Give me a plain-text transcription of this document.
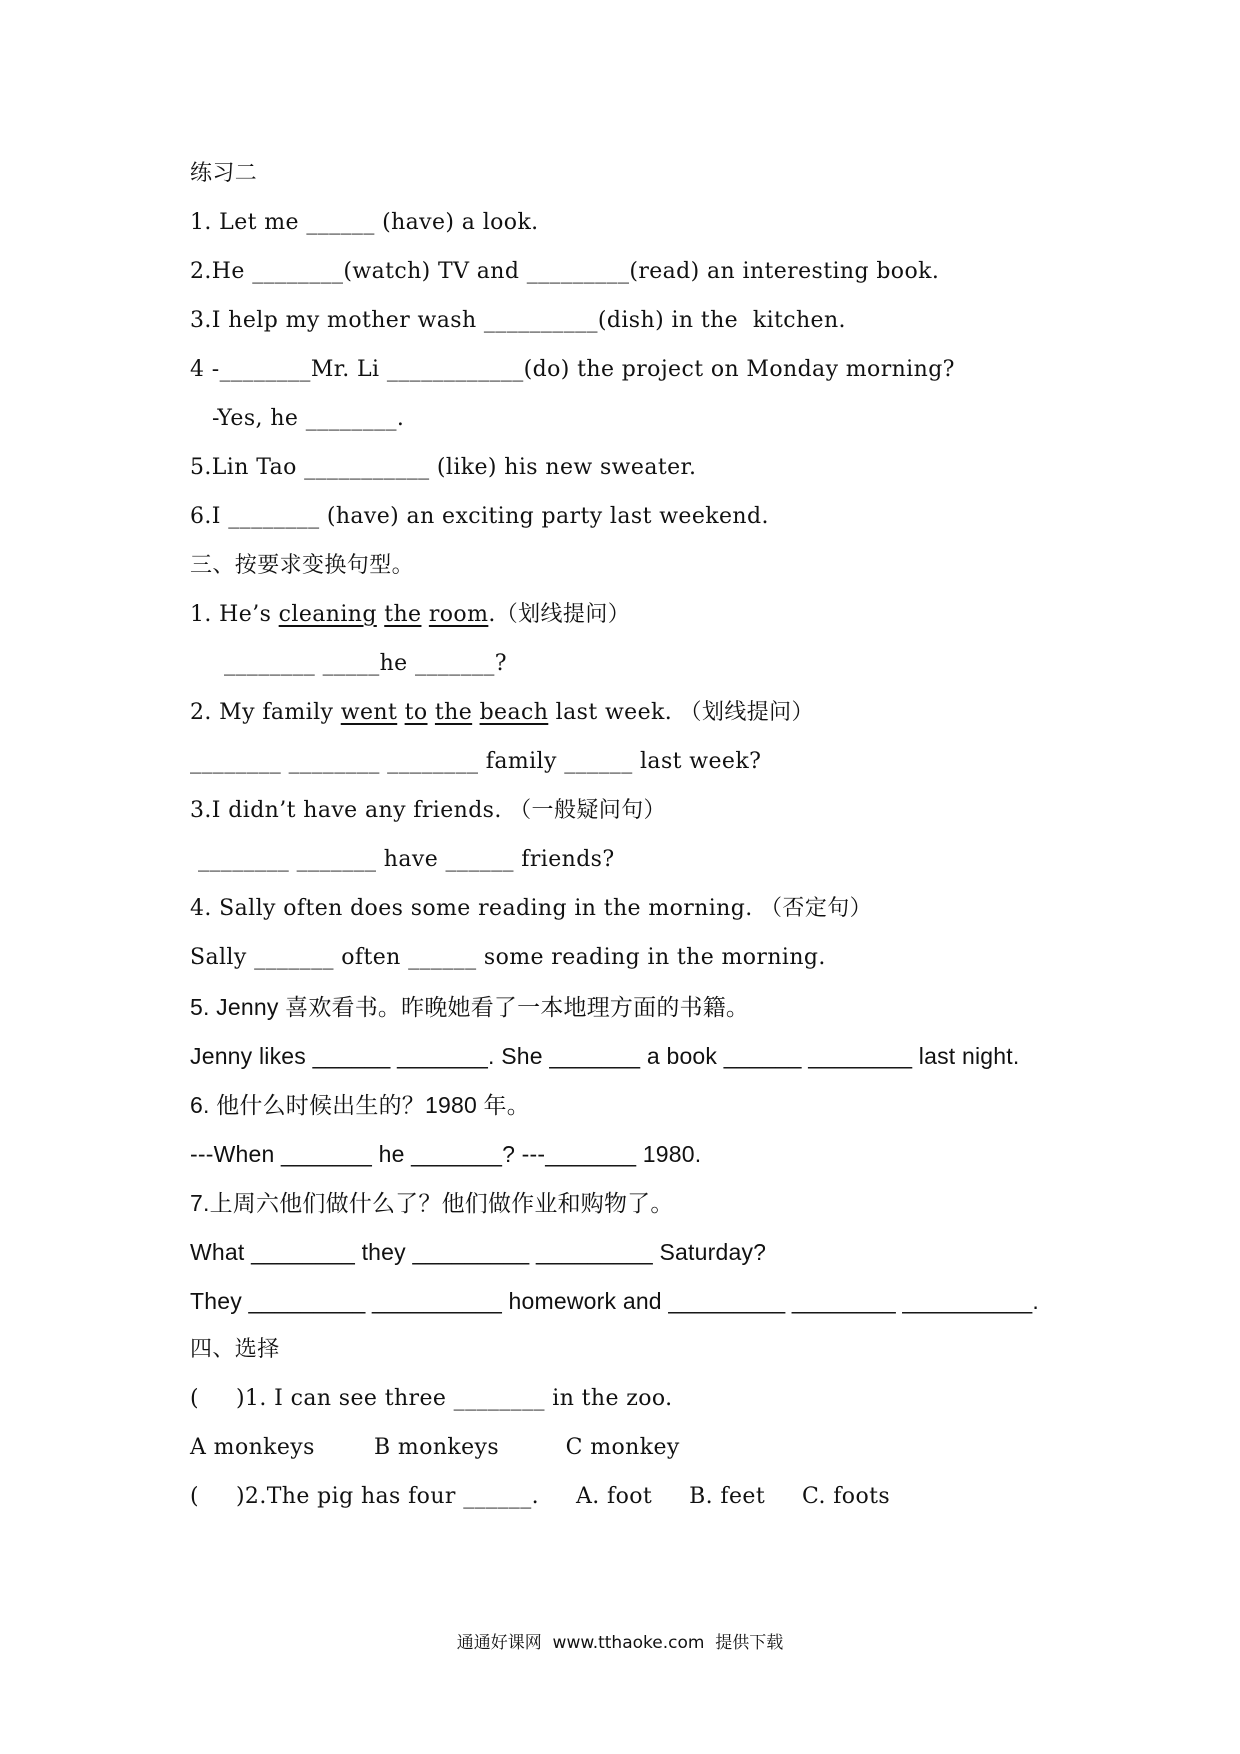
练习二
1. Let me ______ (have) a look.
2.He ________(watch) TV and _________(read) an interesting book.
3.I help my mother wash __________(dish) in the  kitchen.
4 -________Mr. Li ____________(do) the project on Monday morning?
-Yes, he ________.
5.Lin Tao ___________ (like) his new sweater.
6.I ________ (have) an exciting party last weekend.
三、按要求变换句型。
1. He’s cleaning the room.（划线提问）
________ _____he _______?
2. My family went to the beach last week. （划线提问）
________ ________ ________ family ______ last week?
3.I didn’t have any friends. （一般疑问句）
________ _______ have ______ friends?
4. Sally often does some reading in the morning. （否定句）
Sally _______ often ______ some reading in the morning.
5. Jenny 喜欢看书。昨晚她看了一本地理方面的书籍。
Jenny likes ______ _______. She _______ a book ______ ________ last night.
6. 他什么时候出生的？1980 年。
---When _______ he _______? ---_______ 1980.
7.上周六他们做什么了？他们做作业和购物了。
What ________ they _________ _________ Saturday?
They _________ __________ homework and _________ ________ __________.
四、选择
(     )1. I can see three ________ in the zoo.
A monkeys        B monkeys         C monkey
(     )2.The pig has four ______.     A. foot     B. feet     C. foots
通通好课网  www.tthaoke.com  提供下载
